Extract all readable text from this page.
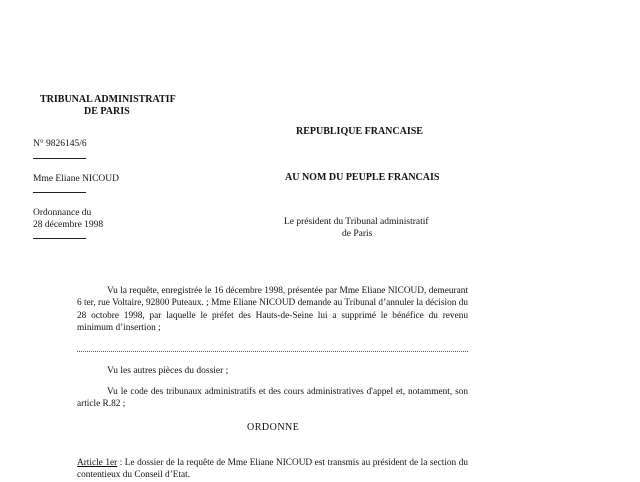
TRIBUNAL ADMINISTRATIF
DE PARIS
REPUBLIQUE FRANCAISE
N° 9826145/6
Mme Eliane NICOUD	AU NOM DU PEUPLE FRANCAIS
Ordonnance du
28 décembre 1998	Le président du Tribunal administratif
de Paris
Vu la requête, enregistrée le 16 décembre 1998, présentée par Mme Eliane NICOUD, demeurant 6 ter, rue Voltaire, 92800 Puteaux. ; Mme Eliane NICOUD demande au Tribunal d’annuler la décision du 28 octobre 1998, par laquelle le préfet des Hauts-de-Seine lui a supprimé le bénéfice du revenu minimum d’insertion ;
Vu les autres pièces du dossier ;
Vu le code des tribunaux administratifs et des cours administratives d'appel et, notamment, son article R.82 ;
ORDONNE
Article 1er : Le dossier de la requête de Mme Eliane NICOUD est transmis au président de la section du contentieux du Conseil d’Etat.
